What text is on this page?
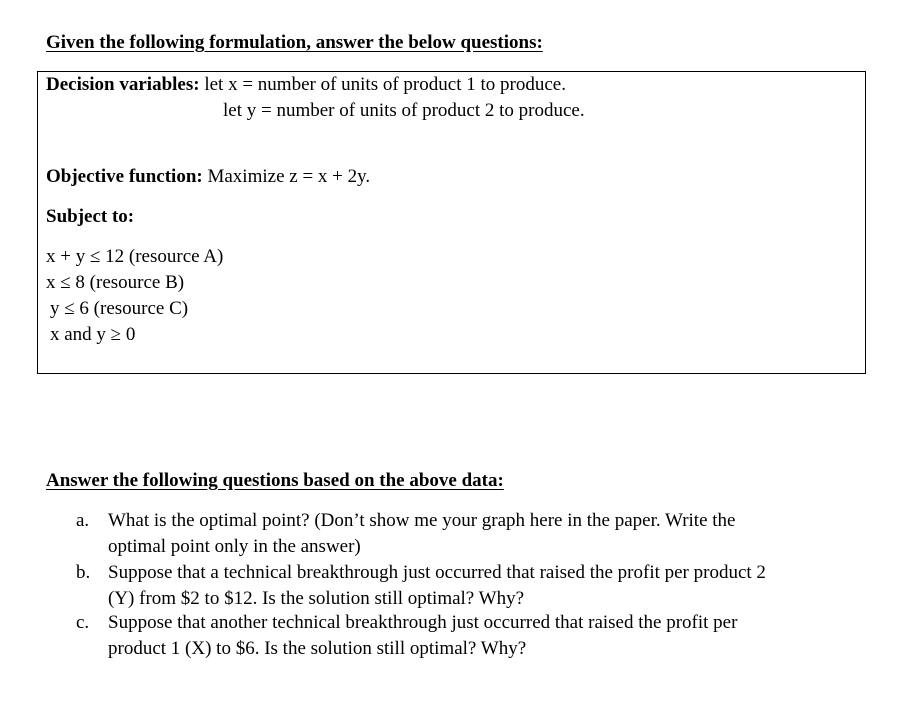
Given the following formulation, answer the below questions:
Decision variables: let x = number of units of product 1 to produce.
let y = number of units of product 2 to produce.
Objective function: Maximize z = x + 2y.
Subject to:
x + y ≤ 12 (resource A)
x ≤ 8 (resource B)
y ≤ 6 (resource C)
x and y ≥ 0
Answer the following questions based on the above data:
a. What is the optimal point? (Don’t show me your graph here in the paper. Write the
optimal point only in the answer)
b. Suppose that a technical breakthrough just occurred that raised the profit per product 2
(Y) from $2 to $12. Is the solution still optimal? Why?
c. Suppose that another technical breakthrough just occurred that raised the profit per
product 1 (X) to $6. Is the solution still optimal? Why?
